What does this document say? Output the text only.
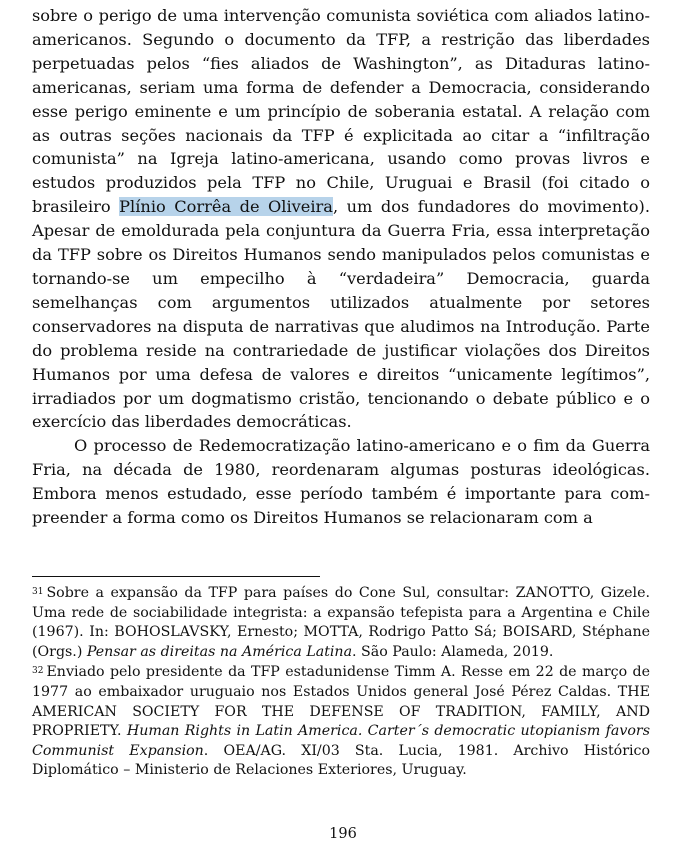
sobre o perigo de uma intervenção comunista soviética com aliados latino-americanos. Segundo o documento da TFP, a restrição das liberdades perpetuadas pelos “fies aliados de Washington”, as Ditaduras latino-americanas, seriam uma forma de defender a Democracia, considerando esse perigo eminente e um princípio de soberania estatal. A relação com as outras seções nacionais da TFP é explicitada ao citar a “infiltração comunista” na Igreja latino-americana, usando como provas livros e estudos produzidos pela TFP no Chile, Uruguai e Brasil (foi citado o brasileiro Plínio Corrêa de Oliveira, um dos fundadores do movimento). Apesar de emoldurada pela conjuntura da Guerra Fria, essa interpretação da TFP sobre os Direitos Humanos sendo manipulados pelos comunistas e tornando-se um empecilho à “verdadeira” Democracia, guarda semelhanças com argumentos utilizados atualmente por setores conservadores na disputa de narrativas que aludimos na Introdução. Parte do problema reside na contrariedade de justificar violações dos Direitos Humanos por uma defesa de valores e direitos “unicamente legítimos”, irradiados por um dogmatismo cristão, tencionando o debate público e o exercício das liberdades democráticas.

O processo de Redemocratização latino-americano e o fim da Guerra Fria, na década de 1980, reordenaram algumas posturas ideológicas. Embora menos estudado, esse período também é importante para compreender a forma como os Direitos Humanos se relacionaram com a

$^{31}$ Sobre a expansão da TFP para países do Cone Sul, consultar: ZANOTTO, Gizele. Uma rede de sociabilidade integrista: a expansão tefepista para a Argentina e Chile (1967). In: BOHOSLAVSKY, Ernesto; MOTTA, Rodrigo Patto Sá; BOISARD, Stéphane (Orgs.) Pensar as direitas na América Latina. São Paulo: Alameda, 2019.

$^{32}$ Enviado pelo presidente da TFP estadunidense Timm A. Resse em 22 de março de 1977 ao embaixador uruguaio nos Estados Unidos general José Pérez Caldas. THE AMERICAN SOCIETY FOR THE DEFENSE OF TRADITION, FAMILY, AND PROPRIETY. Human Rights in Latin America. Carter´s democratic utopianism favors Communist Expansion. OEA/AG. XI/03 Sta. Lucia, 1981. Archivo Histórico Diplomático – Ministerio de Relaciones Exteriores, Uruguay.

196
